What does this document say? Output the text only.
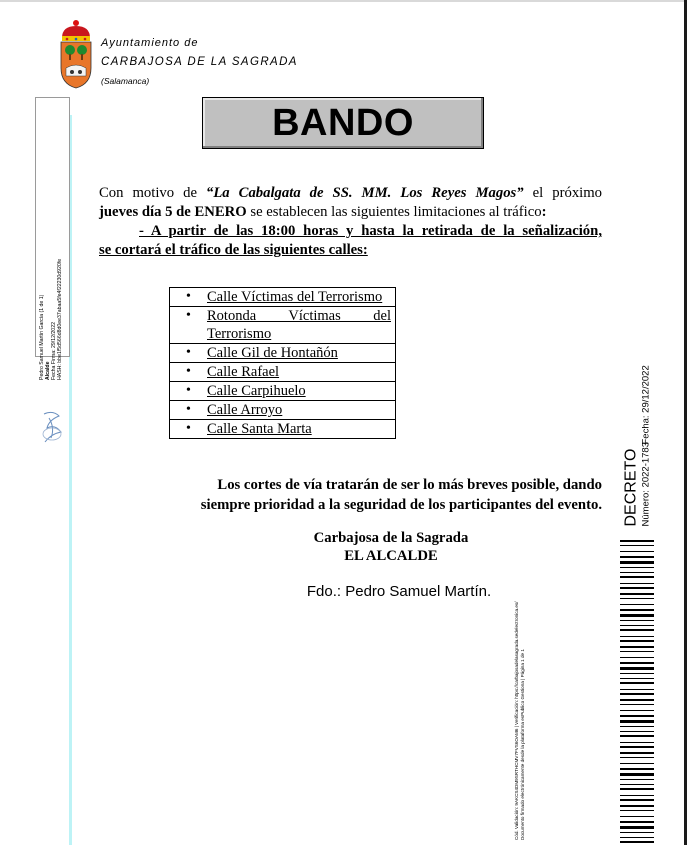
Ayuntamiento de
CARBAJOSA DE LA SAGRADA
(Salamanca)
Pedro Samuel Martín García (1 de 1) Alcalde Fecha Firma: 29/12/2022 HASH: bbe1f5d566d8d0ee37abaa5fe4f22230d920fe
BANDO
Con motivo de “La Cabalgata de SS. MM. Los Reyes Magos” el próximo
jueves día 5 de ENERO se establecen las siguientes limitaciones al tráfico:
- A partir de las 18:00 horas y hasta la retirada de la señalización,
se cortará el tráfico de las siguientes calles:
•	Calle Víctimas del Terrorismo
•	Rotonda Víctimas del Terrorismo
•	Calle Gil de Hontañón
•	Calle Rafael
•	Calle Carpihuelo
•	Calle Arroyo
•	Calle Santa Marta
Los cortes de vía tratarán de ser lo más breves posible, dando
siempre prioridad a la seguridad de los participantes del evento.
Carbajosa de la Sagrada
EL ALCALDE
Fdo.: Pedro Samuel Martín.
DECRETO Número: 2022-1783
Fecha: 29/12/2022
Cód. Validación: 9AKCS4DM9SRTHCMV7FVS6OAM6 | Verificación: https://carbajosadelasagrada.sedelectronica.es/ Documento firmado electrónicamente desde la plataforma esPublico Gestiona | Página 1 de 1
